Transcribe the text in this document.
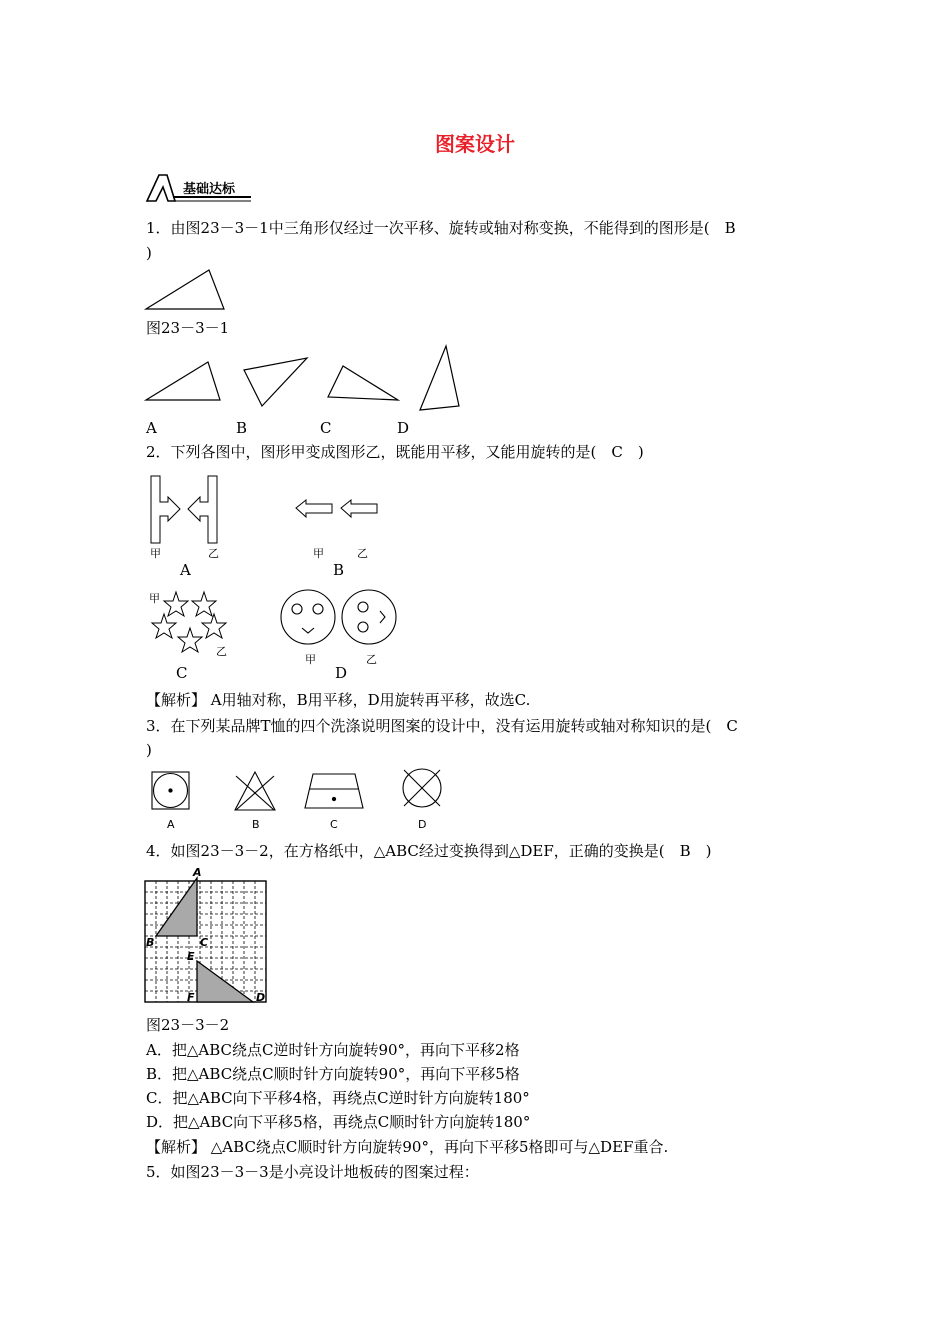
图案设计
基础达标
1．由图23－3－1中三角形仅经过一次平移、旋转或轴对称变换，不能得到的图形是(　B
)
图23－3－1
A	B	C	D
2．下列各图中，图形甲变成图形乙，既能用平移，又能用旋转的是(　C　)
甲	乙
A
甲	乙
B
甲
乙
C
甲	乙
D
【解析】 A用轴对称，B用平移，D用旋转再平移，故选C.
3．在下列某品牌T恤的四个洗涤说明图案的设计中，没有运用旋转或轴对称知识的是(　C
)
A	B	C	D
4．如图23－3－2，在方格纸中，△ABC经过变换得到△DEF，正确的变换是(　B　)
A
B	C
E
F	D
图23－3－2
A．把△ABC绕点C逆时针方向旋转90°，再向下平移2格
B．把△ABC绕点C顺时针方向旋转90°，再向下平移5格
C．把△ABC向下平移4格，再绕点C逆时针方向旋转180°
D．把△ABC向下平移5格，再绕点C顺时针方向旋转180°
【解析】 △ABC绕点C顺时针方向旋转90°，再向下平移5格即可与△DEF重合.
5．如图23－3－3是小亮设计地板砖的图案过程：
